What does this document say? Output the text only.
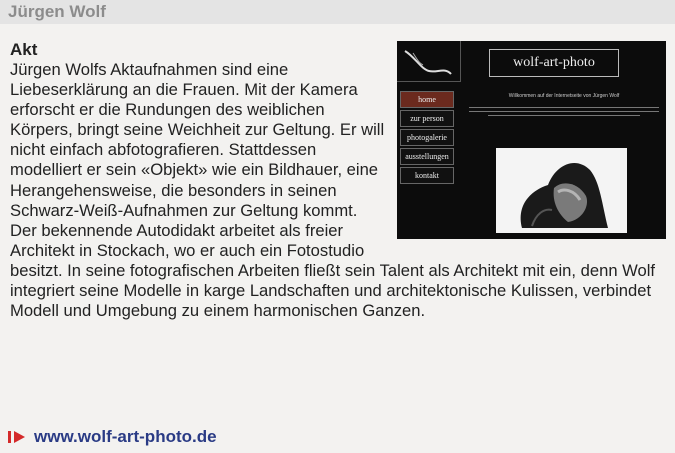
Jürgen Wolf
Akt
wolf-art-photo
home
zur person
photogalerie
ausstellungen
kontakt
Willkommen auf der Internetseite von Jürgen Wolf
Jürgen Wolfs Aktaufnahmen sind eine Liebeserklärung an die Frauen. Mit der Kamera erforscht er die Rundungen des weiblichen Körpers, bringt seine Weichheit zur Geltung. Er will nicht einfach abfotografieren. Stattdessen modelliert er sein «Objekt» wie ein Bildhauer, eine Herangehensweise, die besonders in seinen Schwarz-Weiß-Aufnahmen zur Geltung kommt. Der bekennende Autodidakt arbeitet als freier Architekt in Stockach, wo er auch ein Fotostudio besitzt. In seine fotografischen Arbeiten fließt sein Talent als Architekt mit ein, denn Wolf integriert seine Modelle in karge Landschaften und architektonische Kulissen, verbindet Modell und Umgebung zu einem harmonischen Ganzen.
www.wolf-art-photo.de
